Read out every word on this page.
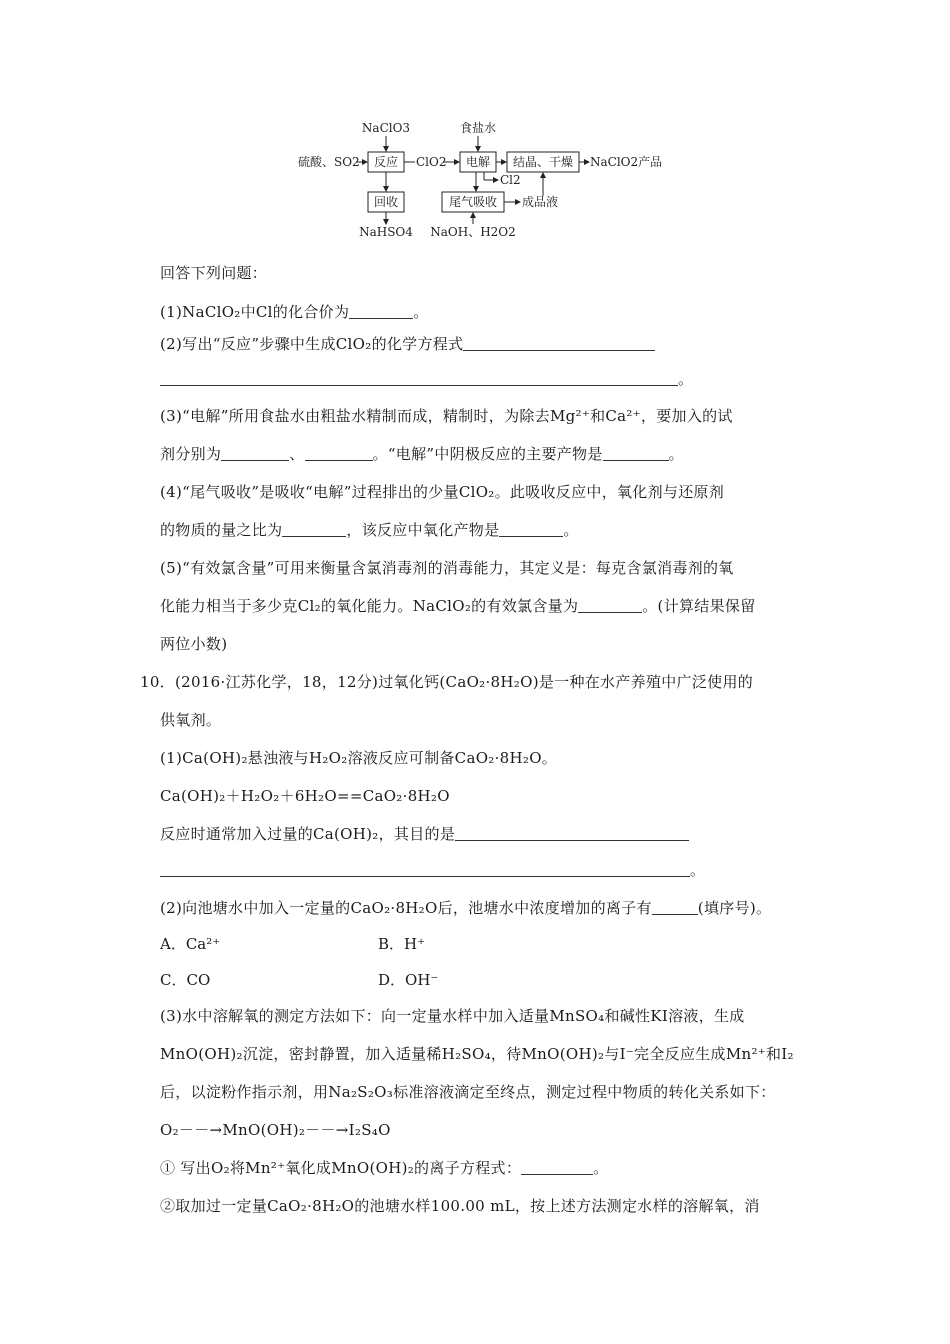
反应	电解 结晶、干燥
回收	尾气吸收
NaClO3
硫酸、SO2	ClO2
食盐水
Cl2
NaClO2产品
NaHSO4
成品液
NaOH、H2O2
回答下列问题：
(1)NaClO₂中Cl的化合价为	。
(2)写出“反应”步骤中生成ClO₂的化学方程式
。
(3)“电解”所用食盐水由粗盐水精制而成，精制时，为除去Mg²⁺和Ca²⁺，要加入的试
剂分别为	、	。“电解”中阴极反应的主要产物是	。
(4)“尾气吸收”是吸收“电解”过程排出的少量ClO₂。此吸收反应中，氧化剂与还原剂
的物质的量之比为	，该反应中氧化产物是	。
(5)“有效氯含量”可用来衡量含氯消毒剂的消毒能力，其定义是：每克含氯消毒剂的氧
化能力相当于多少克Cl₂的氧化能力。NaClO₂的有效氯含量为	。(计算结果保留
两位小数)
10．(2016·江苏化学，18，12分)过氧化钙(CaO₂·8H₂O)是一种在水产养殖中广泛使用的
供氧剂。
(1)Ca(OH)₂悬浊液与H₂O₂溶液反应可制备CaO₂·8H₂O。
Ca(OH)₂＋H₂O₂＋6H₂O==CaO₂·8H₂O
反应时通常加入过量的Ca(OH)₂，其目的是
。
(2)向池塘水中加入一定量的CaO₂·8H₂O后，池塘水中浓度增加的离子有	(填序号)。
A．Ca²⁺	B．H⁺
C．CO	D．OH⁻
(3)水中溶解氧的测定方法如下：向一定量水样中加入适量MnSO₄和碱性KI溶液，生成
MnO(OH)₂沉淀，密封静置，加入适量稀H₂SO₄，待MnO(OH)₂与I⁻完全反应生成Mn²⁺和I₂
后，以淀粉作指示剂，用Na₂S₂O₃标准溶液滴定至终点，测定过程中物质的转化关系如下：
O₂－－→MnO(OH)₂－－→I₂S₄O
① 写出O₂将Mn²⁺氧化成MnO(OH)₂的离子方程式：	。
②取加过一定量CaO₂·8H₂O的池塘水样100.00 mL，按上述方法测定水样的溶解氧，消
